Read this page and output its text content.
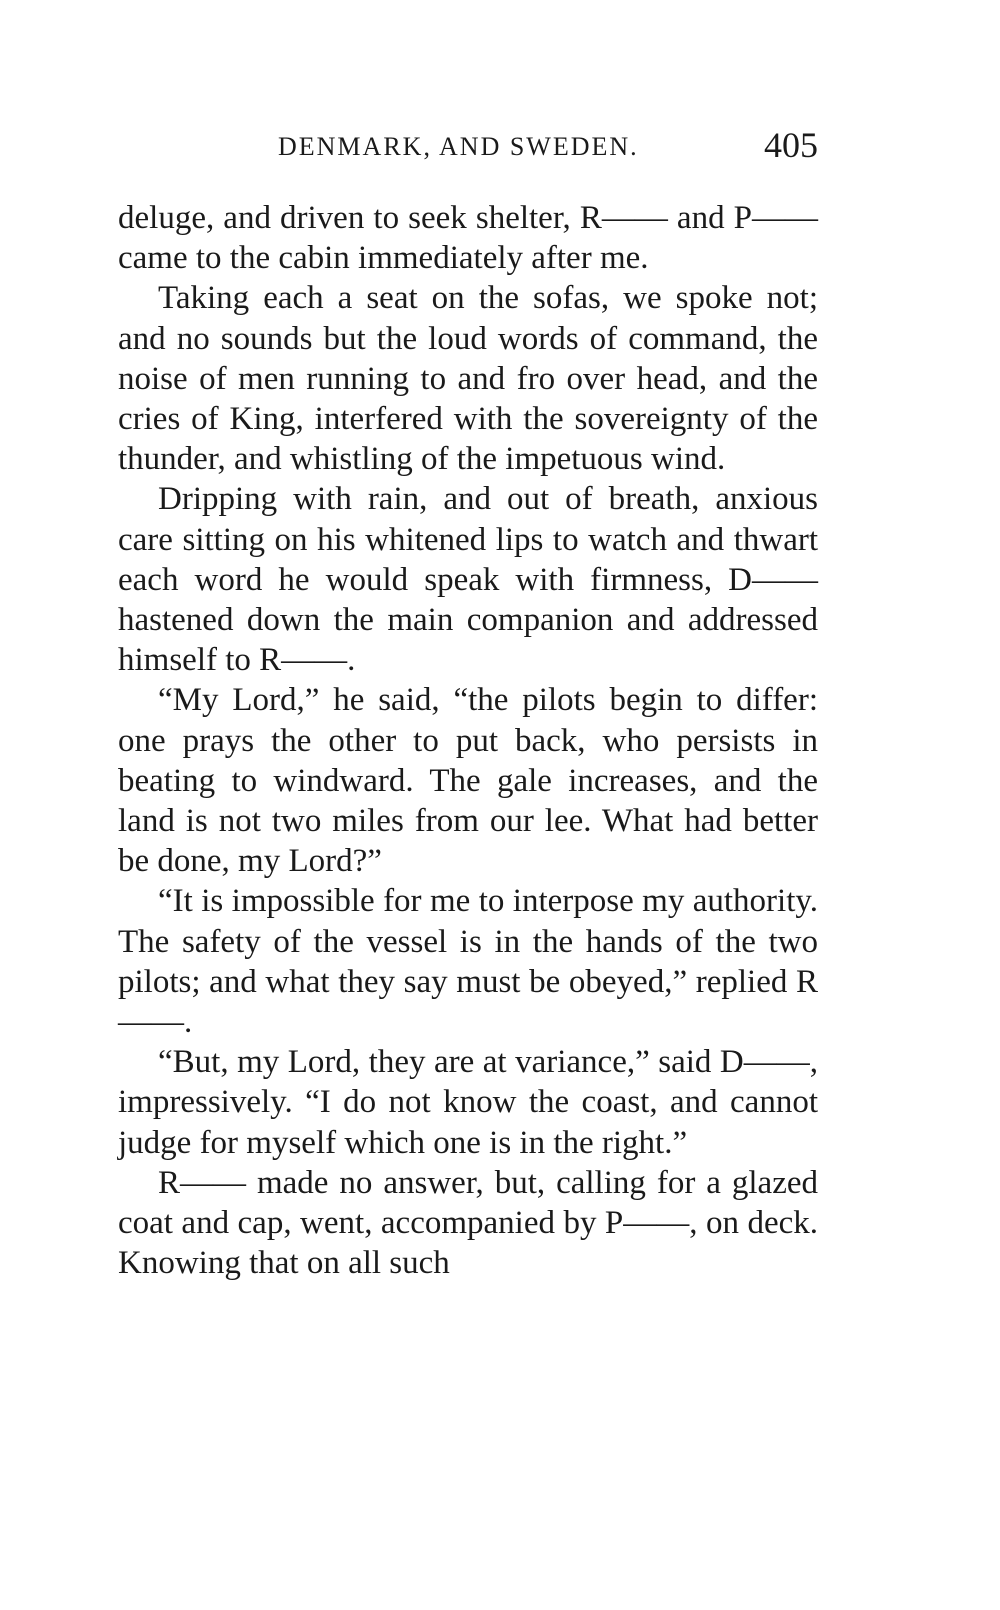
DENMARK, AND SWEDEN.	405

deluge, and driven to seek shelter, R—— and P—— came to the cabin immediately after me.

Taking each a seat on the sofas, we spoke not; and no sounds but the loud words of command, the noise of men running to and fro over head, and the cries of King, interfered with the sovereignty of the thunder, and whistling of the impetuous wind.

Dripping with rain, and out of breath, anxious care sitting on his whitened lips to watch and thwart each word he would speak with firmness, D—— hastened down the main companion and addressed himself to R——.

“My Lord,” he said, “the pilots begin to differ: one prays the other to put back, who persists in beating to windward. The gale increases, and the land is not two miles from our lee. What had better be done, my Lord?”

“It is impossible for me to interpose my authority. The safety of the vessel is in the hands of the two pilots; and what they say must be obeyed,” replied R——.

“But, my Lord, they are at variance,” said D——, impressively. “I do not know the coast, and cannot judge for myself which one is in the right.”

R—— made no answer, but, calling for a glazed coat and cap, went, accompanied by P——, on deck. Knowing that on all such
